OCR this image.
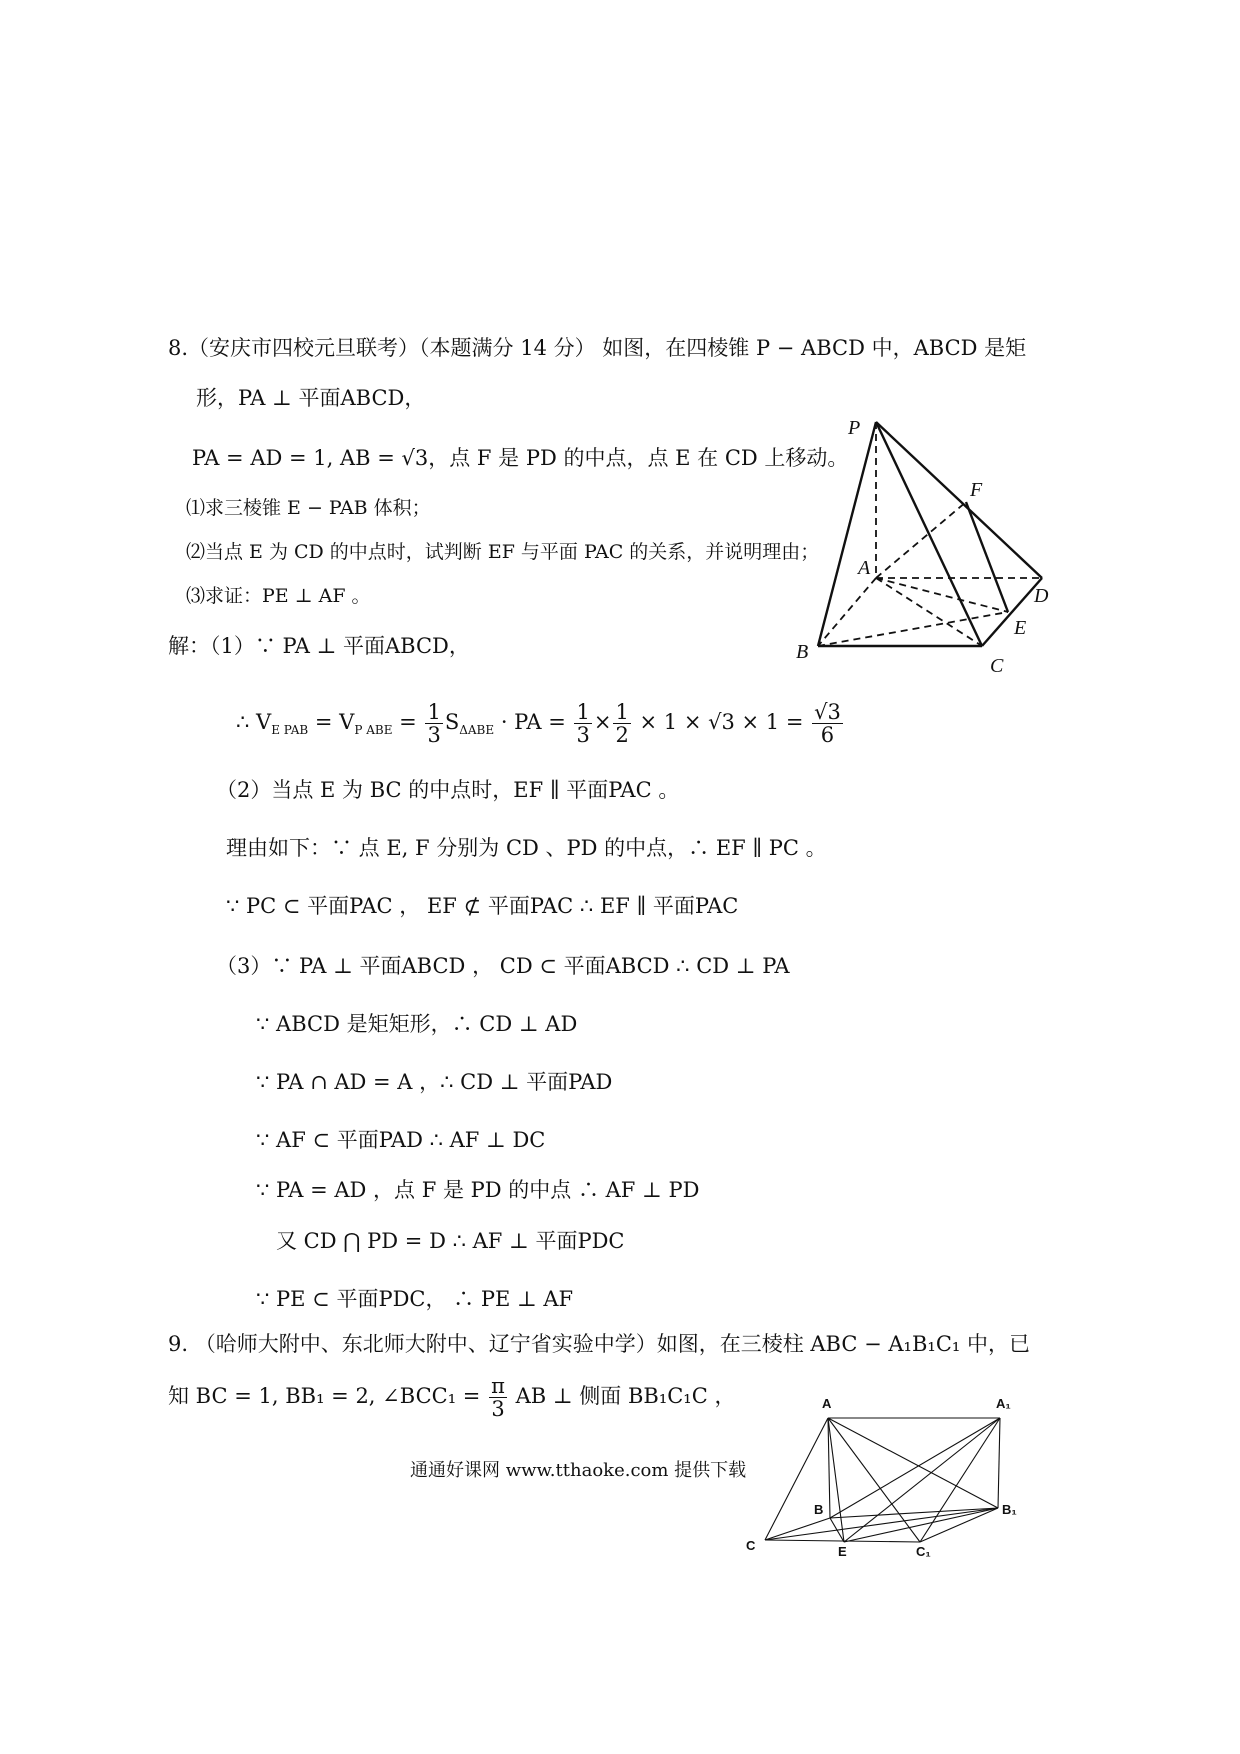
8.（安庆市四校元旦联考）（本题满分 14 分） 如图，在四棱锥 P − ABCD 中，ABCD 是矩
形，PA ⊥ 平面ABCD，
PA = AD = 1, AB = √3，点 F 是 PD 的中点，点 E 在 CD 上移动。
⑴求三棱锥 E − PAB 体积；
⑵当点 E 为 CD 的中点时，试判断 EF 与平面 PAC 的关系，并说明理由；
⑶求证：PE ⊥ AF 。
解：（1）∵ PA ⊥ 平面ABCD，
∴ $V_{E PAB} = V_{P ABE} = \frac{1}{3} S_{\Delta ABE}$ · PA = $\frac{1}{3} \times \frac{1}{2} \times 1 \times √3 \times 1 = \frac{√3}{6}$
（2）当点 E 为 BC 的中点时，EF ∥ 平面PAC 。
理由如下：∵ 点 E, F 分别为 CD 、PD 的中点，∴ EF ∥ PC 。
∵ PC ⊂ 平面PAC ， EF ⊄ 平面PAC ∴ EF ∥ 平面PAC
（3）∵ PA ⊥ 平面ABCD ， CD ⊂ 平面ABCD ∴ CD ⊥ PA
∵ ABCD 是矩矩形，∴ CD ⊥ AD
∵ PA ∩ AD = A ，∴ CD ⊥ 平面PAD
∵ AF ⊂ 平面PAD ∴ AF ⊥ DC
∵ PA = AD ，点 F 是 PD 的中点 ∴ AF ⊥ PD
又 CD ⋂ PD = D ∴ AF ⊥ 平面PDC
∵ PE ⊂ 平面PDC， ∴ PE ⊥ AF
P
F
A
D
E
B
C
9. （哈师大附中、东北师大附中、辽宁省实验中学）如图，在三棱柱 ABC − A₁B₁C₁ 中，已
知 BC = 1, BB₁ = 2, ∠BCC₁ = $\frac{\pi}{3}$ AB ⊥ 侧面 BB₁C₁C ，	A	A₁
B	B₁
C	E	C₁
通通好课网 www.tthaoke.com 提供下载
